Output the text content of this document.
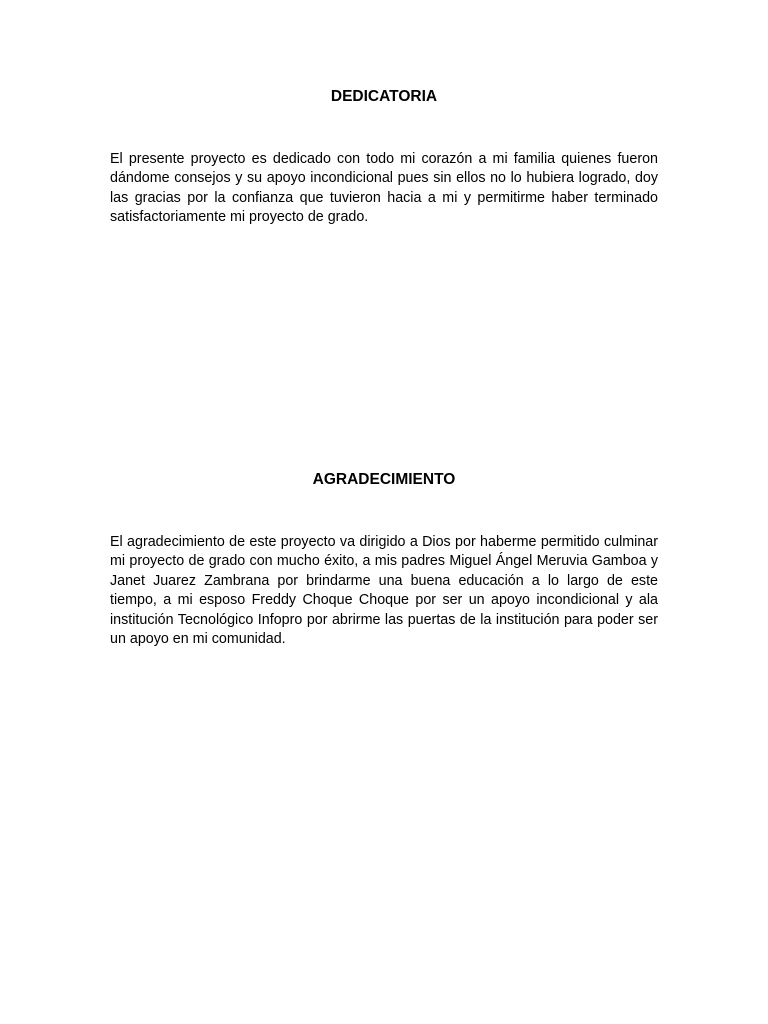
DEDICATORIA

El presente proyecto es dedicado con todo mi corazón a mi familia quienes fueron dándome consejos y su apoyo incondicional pues sin ellos no lo hubiera logrado, doy las gracias por la confianza que tuvieron hacia a mi y permitirme haber terminado satisfactoriamente mi proyecto de grado.

AGRADECIMIENTO

El agradecimiento de este proyecto va dirigido a Dios por haberme permitido culminar mi proyecto de grado con mucho éxito, a mis padres Miguel Ángel Meruvia Gamboa y Janet Juarez Zambrana por brindarme una buena educación a lo largo de este tiempo, a mi esposo Freddy Choque Choque por ser un apoyo incondicional y ala institución Tecnológico Infopro por abrirme las puertas de la institución para poder ser un apoyo en mi comunidad.
